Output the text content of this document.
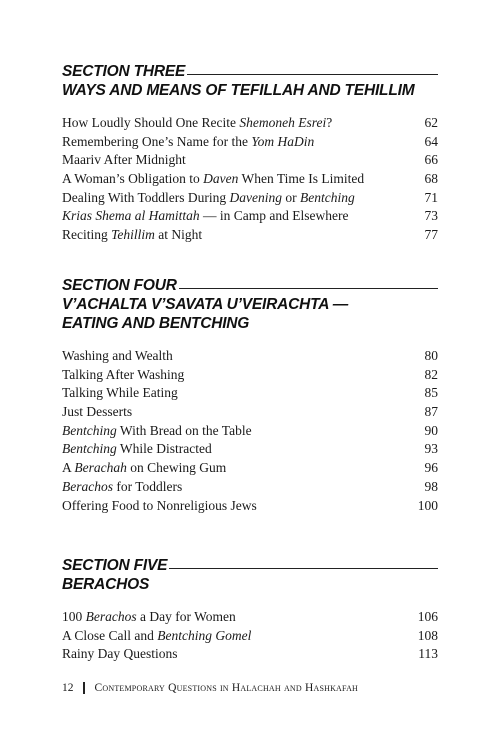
SECTION THREE
WAYS AND MEANS OF TEFILLAH AND TEHILLIM
How Loudly Should One Recite Shemoneh Esrei?	62
Remembering One’s Name for the Yom HaDin	64
Maariv After Midnight	66
A Woman’s Obligation to Daven When Time Is Limited	68
Dealing With Toddlers During Davening or Bentching	71
Krias Shema al Hamittah — in Camp and Elsewhere	73
Reciting Tehillim at Night	77
SECTION FOUR
V’ACHALTA V’SAVATA U’VEIRACHTA —
EATING AND BENTCHING
Washing and Wealth	80
Talking After Washing	82
Talking While Eating	85
Just Desserts	87
Bentching With Bread on the Table	90
Bentching While Distracted	93
A Berachah on Chewing Gum	96
Berachos for Toddlers	98
Offering Food to Nonreligious Jews	100
SECTION FIVE
BERACHOS
100 Berachos a Day for Women	106
A Close Call and Bentching Gomel	108
Rainy Day Questions	113
12 Contemporary Questions in Halachah and Hashkafah
